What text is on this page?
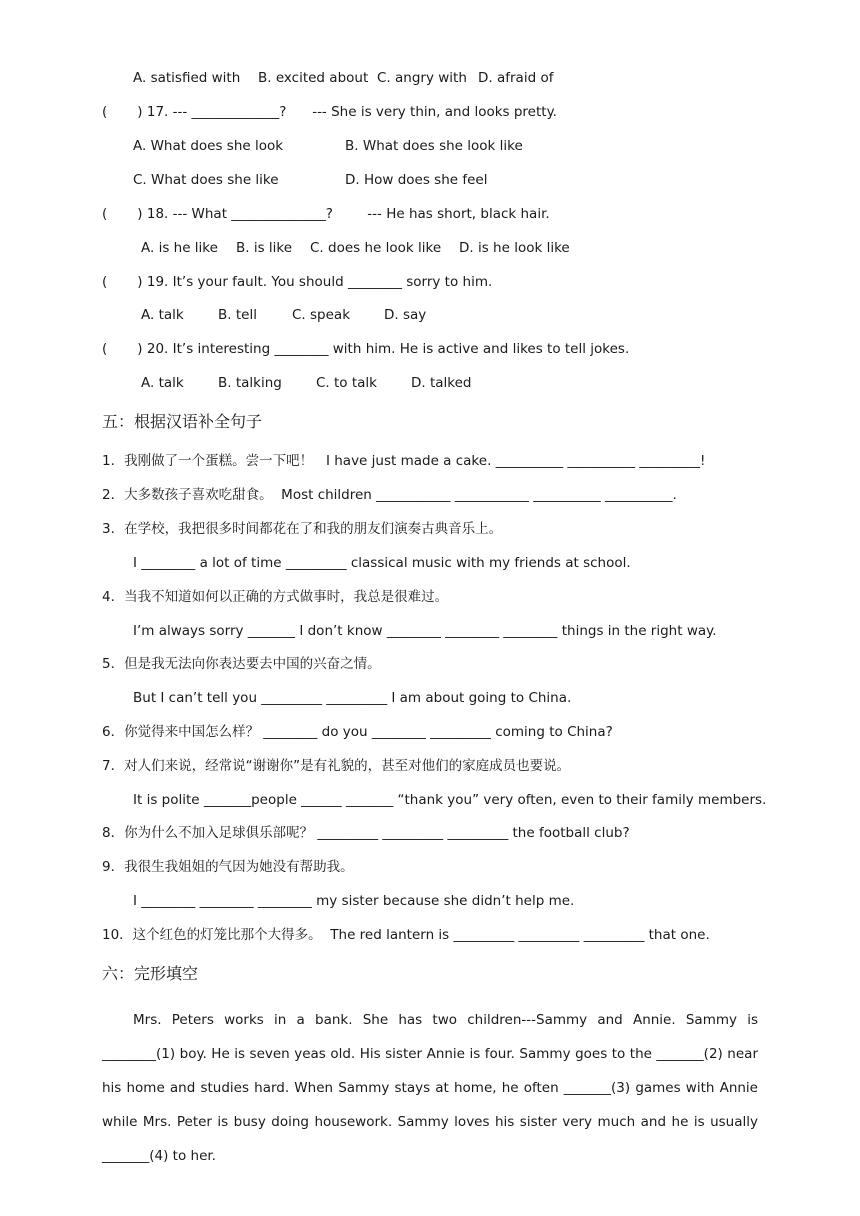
A. satisfied with B. excited about C. angry with D. afraid of
(       ) 17. --- _____________?      --- She is very thin, and looks pretty.
A. What does she look	B. What does she look like
C. What does she like	D. How does she feel
(       ) 18. --- What ______________?        --- He has short, black hair.
A. is he like B. is like C. does he look like D. is he look like
(       ) 19. It’s your fault. You should ________ sorry to him.
A. talk	B. tell	C. speak	D. say
(       ) 20. It’s interesting ________ with him. He is active and likes to tell jokes.
A. talk	B. talking	C. to talk	D. talked
五：根据汉语补全句子
1．我刚做了一个蛋糕。尝一下吧！   I have just made a cake. __________ __________ _________!
2．大多数孩子喜欢吃甜食。  Most children ___________ ___________ __________ __________.
3．在学校，我把很多时间都花在了和我的朋友们演奏古典音乐上。
I ________ a lot of time _________ classical music with my friends at school.
4．当我不知道如何以正确的方式做事时，我总是很难过。
I’m always sorry _______ I don’t know ________ ________ ________ things in the right way.
5．但是我无法向你表达要去中国的兴奋之情。
But I can’t tell you _________ _________ I am about going to China.
6．你觉得来中国怎么样？ ________ do you ________ _________ coming to China?
7．对人们来说，经常说“谢谢你”是有礼貌的，甚至对他们的家庭成员也要说。
It is polite _______people ______ _______ “thank you” very often, even to their family members.
8．你为什么不加入足球俱乐部呢？ _________ _________ _________ the football club?
9．我很生我姐姐的气因为她没有帮助我。
I ________ ________ ________ my sister because she didn’t help me.
10．这个红色的灯笼比那个大得多。  The red lantern is _________ _________ _________ that one.
六：完形填空
Mrs. Peters works in a bank. She has two children---Sammy and Annie. Sammy is ________(1) boy. He is seven yeas old. His sister Annie is four. Sammy goes to the _______(2) near his home and studies hard. When Sammy stays at home, he often _______(3) games with Annie while Mrs. Peter is busy doing housework. Sammy loves his sister very much and he is usually _______(4) to her.
